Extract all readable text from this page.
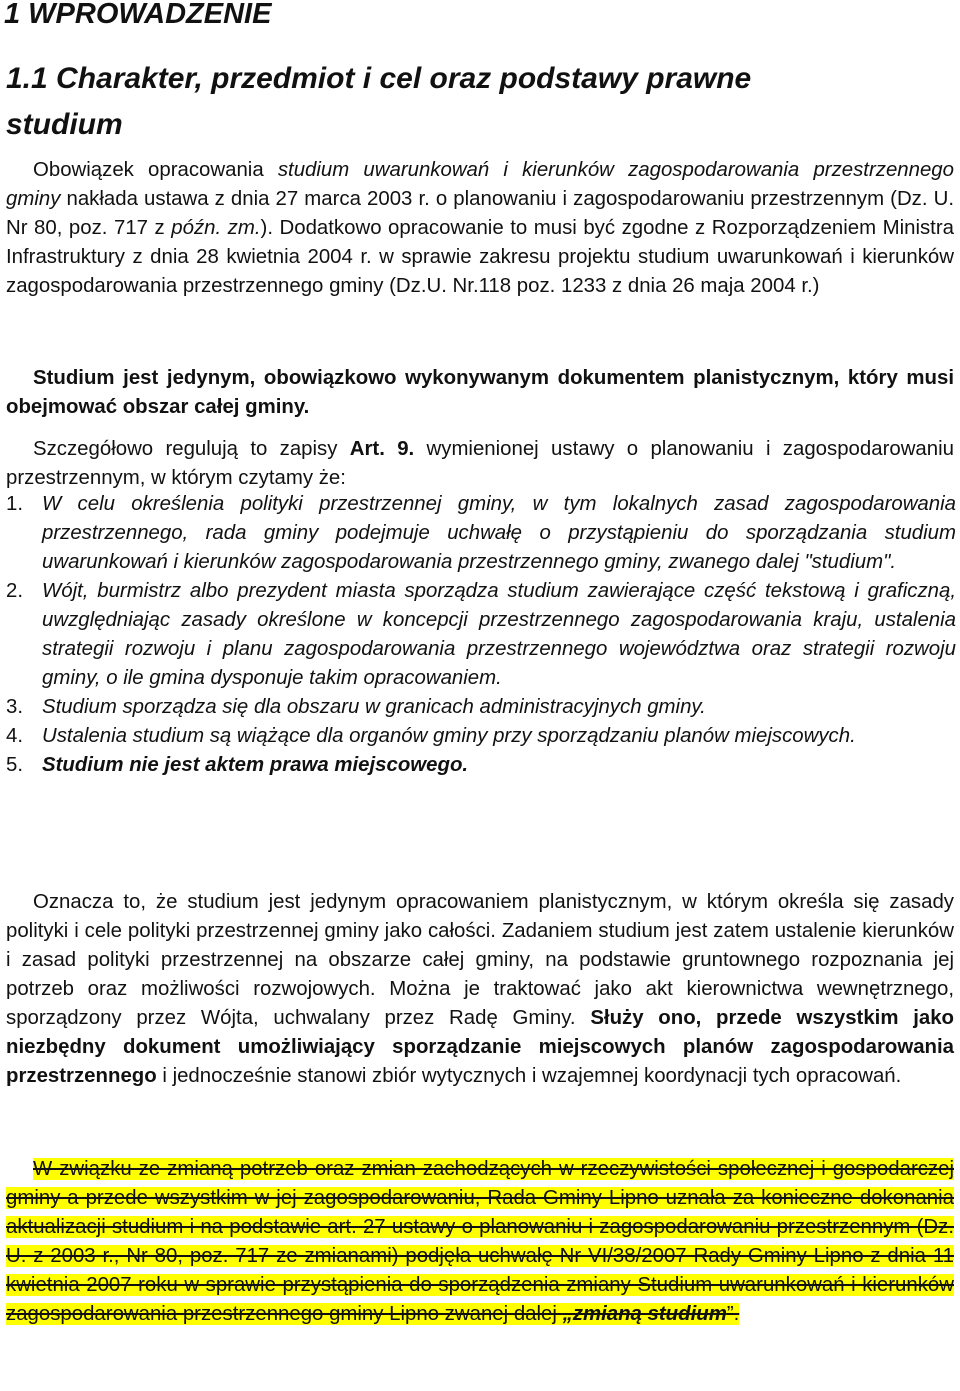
1 WPROWADZENIE
1.1 Charakter, przedmiot i cel oraz podstawy prawne studium

Obowiązek opracowania studium uwarunkowań i kierunków zagospodarowania przestrzennego gminy nakłada ustawa z dnia 27 marca 2003 r. o planowaniu i zagospodarowaniu przestrzennym (Dz. U. Nr 80, poz. 717 z późn. zm.). Dodatkowo opracowanie to musi być zgodne z Rozporządzeniem Ministra Infrastruktury z dnia 28 kwietnia 2004 r. w sprawie zakresu projektu studium uwarunkowań i kierunków zagospodarowania przestrzennego gminy (Dz.U. Nr.118 poz. 1233 z dnia 26 maja 2004 r.)

Studium jest jedynym, obowiązkowo wykonywanym dokumentem planistycznym, który musi obejmować obszar całej gminy.

Szczegółowo regulują to zapisy Art. 9. wymienionej ustawy o planowaniu i zagospodarowaniu przestrzennym, w którym czytamy że:

1. W celu określenia polityki przestrzennej gminy, w tym lokalnych zasad zagospodarowania przestrzennego, rada gminy podejmuje uchwałę o przystąpieniu do sporządzania studium uwarunkowań i kierunków zagospodarowania przestrzennego gminy, zwanego dalej "studium".
2. Wójt, burmistrz albo prezydent miasta sporządza studium zawierające część tekstową i graficzną, uwzględniając zasady określone w koncepcji przestrzennego zagospodarowania kraju, ustalenia strategii rozwoju i planu zagospodarowania przestrzennego województwa oraz strategii rozwoju gminy, o ile gmina dysponuje takim opracowaniem.
3. Studium sporządza się dla obszaru w granicach administracyjnych gminy.
4. Ustalenia studium są wiążące dla organów gminy przy sporządzaniu planów miejscowych.
5. Studium nie jest aktem prawa miejscowego.

Oznacza to, że studium jest jedynym opracowaniem planistycznym, w którym określa się zasady polityki i cele polityki przestrzennej gminy jako całości. Zadaniem studium jest zatem ustalenie kierunków i zasad polityki przestrzennej na obszarze całej gminy, na podstawie gruntownego rozpoznania jej potrzeb oraz możliwości rozwojowych. Można je traktować jako akt kierownictwa wewnętrznego, sporządzony przez Wójta, uchwalany przez Radę Gminy. Służy ono, przede wszystkim jako niezbędny dokument umożliwiający sporządzanie miejscowych planów zagospodarowania przestrzennego i jednocześnie stanowi zbiór wytycznych i wzajemnej koordynacji tych opracowań.

W związku ze zmianą potrzeb oraz zmian zachodzących w rzeczywistości społecznej i gospodarczej gminy a przede wszystkim w jej zagospodarowaniu, Rada Gminy Lipno uznała za konieczne dokonania aktualizacji studium i na podstawie art. 27 ustawy o planowaniu i zagospodarowaniu przestrzennym (Dz. U. z 2003 r., Nr 80, poz. 717 ze zmianami) podjęła uchwałę Nr VI/38/2007 Rady Gminy Lipno z dnia 11 kwietnia 2007 roku w sprawie przystąpienia do sporządzenia zmiany Studium uwarunkowań i kierunków zagospodarowania przestrzennego gminy Lipno zwanej dalej „zmianą studium”.
